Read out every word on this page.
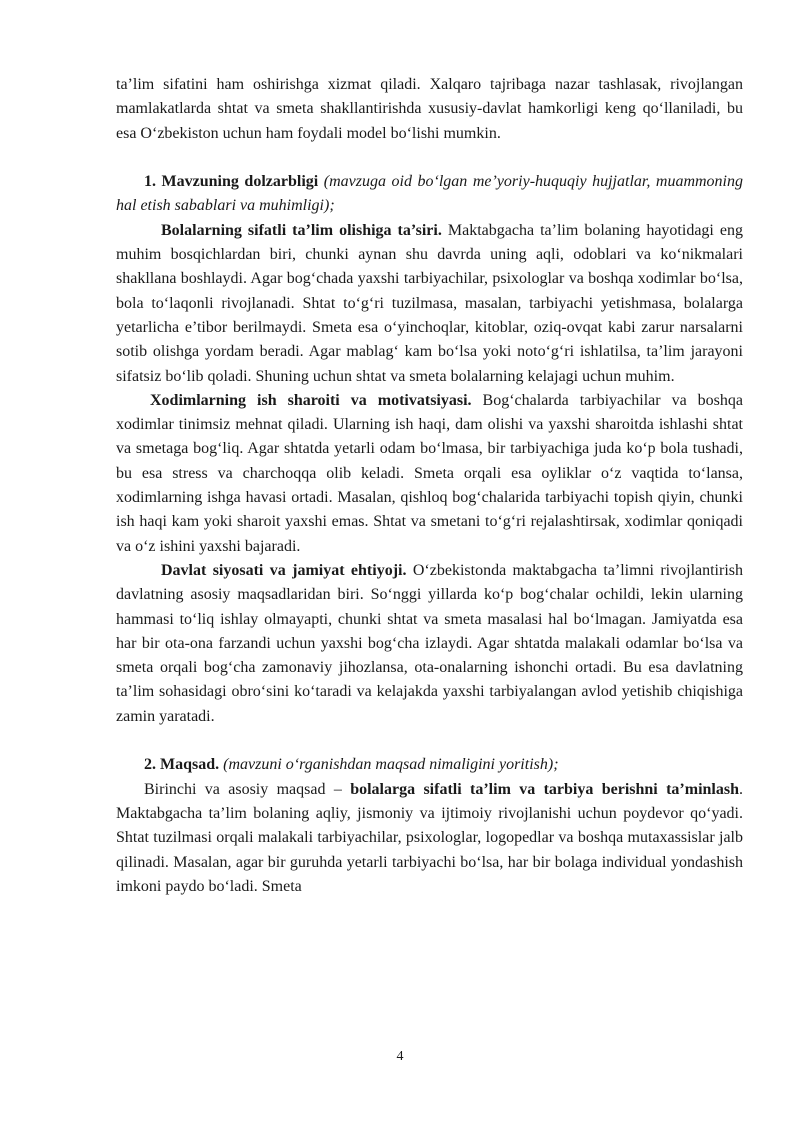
ta’lim sifatini ham oshirishga xizmat qiladi. Xalqaro tajribaga nazar tashlasak, rivojlangan mamlakatlarda shtat va smeta shakllantirishda xususiy-davlat hamkorligi keng qo‘llaniladi, bu esa O‘zbekiston uchun ham foydali model bo‘lishi mumkin.

1. Mavzuning dolzarbligi (mavzuga oid bo‘lgan me’yoriy-huquqiy hujjatlar, muammoning hal etish sabablari va muhimligi);

Bolalarning sifatli ta’lim olishiga ta’siri. Maktabgacha ta’lim bolaning hayotidagi eng muhim bosqichlardan biri, chunki aynan shu davrda uning aqli, odoblari va ko‘nikmalari shakllana boshlaydi. Agar bog‘chada yaxshi tarbiyachilar, psixologlar va boshqa xodimlar bo‘lsa, bola to‘laqonli rivojlanadi. Shtat to‘g‘ri tuzilmasa, masalan, tarbiyachi yetishmasa, bolalarga yetarlicha e’tibor berilmaydi. Smeta esa o‘yinchoqlar, kitoblar, oziq-ovqat kabi zarur narsalarni sotib olishga yordam beradi. Agar mablag‘ kam bo‘lsa yoki noto‘g‘ri ishlatilsa, ta’lim jarayoni sifatsiz bo‘lib qoladi. Shuning uchun shtat va smeta bolalarning kelajagi uchun muhim.

Xodimlarning ish sharoiti va motivatsiyasi. Bog‘chalarda tarbiyachilar va boshqa xodimlar tinimsiz mehnat qiladi. Ularning ish haqi, dam olishi va yaxshi sharoitda ishlashi shtat va smetaga bog‘liq. Agar shtatda yetarli odam bo‘lmasa, bir tarbiyachiga juda ko‘p bola tushadi, bu esa stress va charchoqqa olib keladi. Smeta orqali esa oyliklar o‘z vaqtida to‘lansa, xodimlarning ishga havasi ortadi. Masalan, qishloq bog‘chalarida tarbiyachi topish qiyin, chunki ish haqi kam yoki sharoit yaxshi emas. Shtat va smetani to‘g‘ri rejalashtirsak, xodimlar qoniqadi va o‘z ishini yaxshi bajaradi.

Davlat siyosati va jamiyat ehtiyoji. O‘zbekistonda maktabgacha ta’limni rivojlantirish davlatning asosiy maqsadlaridan biri. So‘nggi yillarda ko‘p bog‘chalar ochildi, lekin ularning hammasi to‘liq ishlay olmayapti, chunki shtat va smeta masalasi hal bo‘lmagan. Jamiyatda esa har bir ota-ona farzandi uchun yaxshi bog‘cha izlaydi. Agar shtatda malakali odamlar bo‘lsa va smeta orqali bog‘cha zamonaviy jihozlansa, ota-onalarning ishonchi ortadi. Bu esa davlatning ta’lim sohasidagi obro‘sini ko‘taradi va kelajakda yaxshi tarbiyalangan avlod yetishib chiqishiga zamin yaratadi.

2. Maqsad. (mavzuni o‘rganishdan maqsad nimaligini yoritish);

Birinchi va asosiy maqsad – bolalarga sifatli ta’lim va tarbiya berishni ta’minlash. Maktabgacha ta’lim bolaning aqliy, jismoniy va ijtimoiy rivojlanishi uchun poydevor qo‘yadi. Shtat tuzilmasi orqali malakali tarbiyachilar, psixologlar, logopedlar va boshqa mutaxassislar jalb qilinadi. Masalan, agar bir guruhda yetarli tarbiyachi bo‘lsa, har bir bolaga individual yondashish imkoni paydo bo‘ladi. Smeta

4
